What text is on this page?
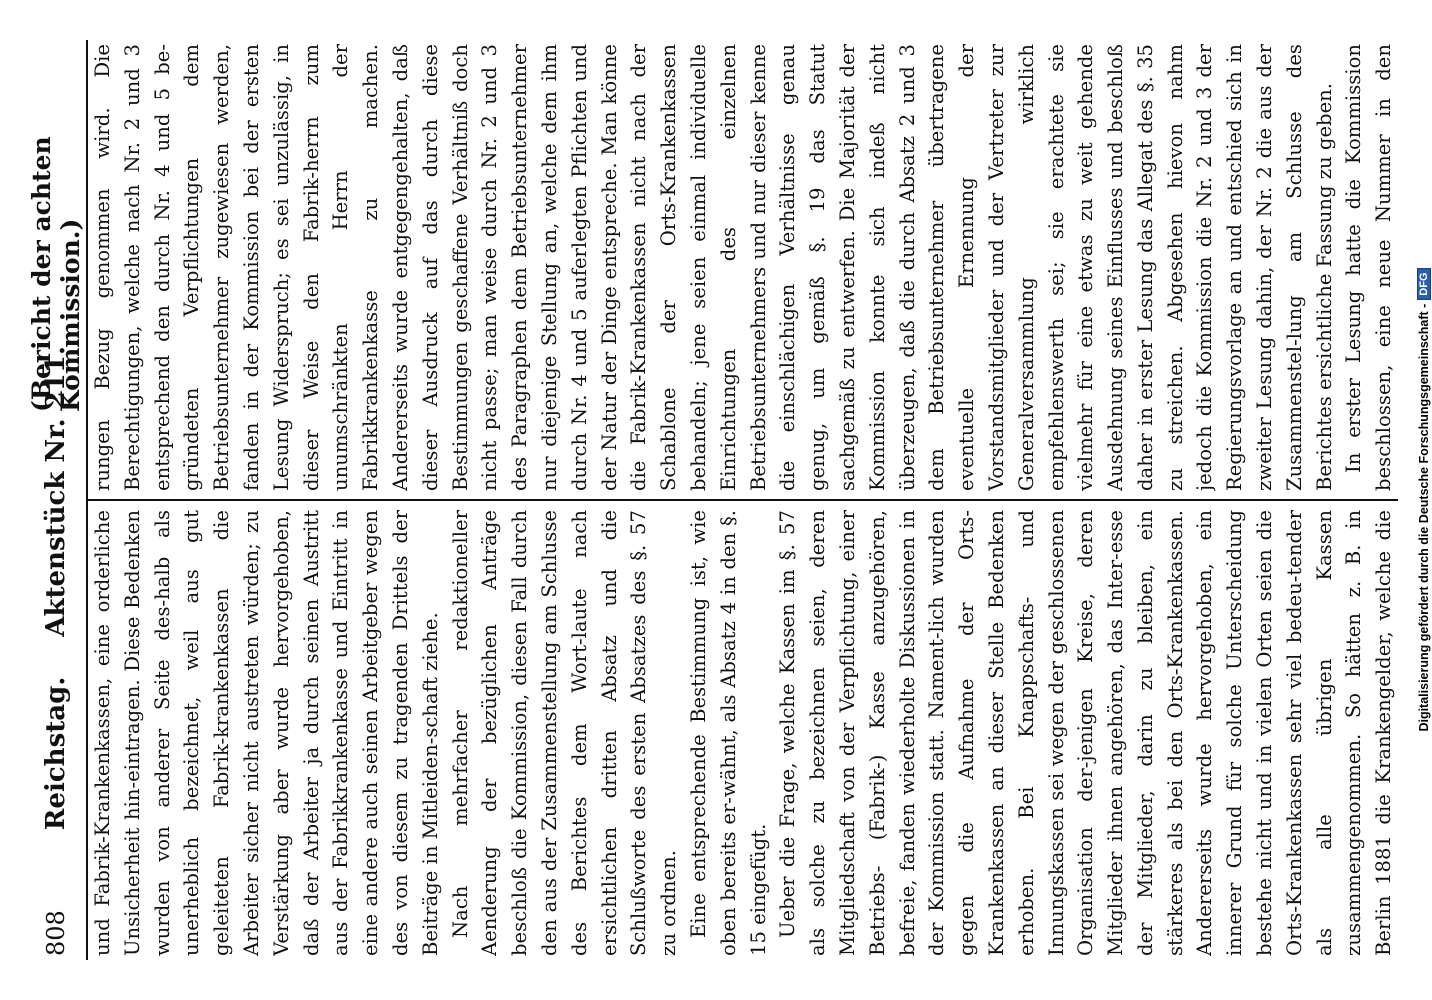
808
Reichstag.
Aktenstück Nr. 211.
(Bericht der achten Kommission.)

und Fabrik-Krankenkassen, eine orderliche Unsicherheit hin-eintragen. Diese Bedenken wurden von anderer Seite des-halb als unerheblich bezeichnet, weil aus gut geleiteten Fabrik-krankenkassen die Arbeiter sicher nicht austreten würden; zu Verstärkung aber wurde hervorgehoben, daß der Arbeiter ja durch seinen Austritt aus der Fabrikkrankenkasse und Eintritt in eine andere auch seinen Arbeitgeber wegen des von diesem zu tragenden Drittels der Beiträge in Mitleiden-schaft ziehe. Nach mehrfacher redaktioneller Aenderung der bezüglichen Anträge beschloß die Kommission, diesen Fall durch den aus der Zusammenstellung am Schlusse des Berichtes dem Wort-laute nach ersichtlichen dritten Absatz und die Schlußworte des ersten Absatzes des §. 57 zu ordnen. Eine entsprechende Bestimmung ist, wie oben bereits er-wähnt, als Absatz 4 in den §. 15 eingefügt. Ueber die Frage, welche Kassen im §. 57 als solche zu bezeichnen seien, deren Mitgliedschaft von der Verpflichtung, einer Betriebs- (Fabrik-) Kasse anzugehören, befreie, fanden wiederholte Diskussionen in der Kommission statt. Nament-lich wurden gegen die Aufnahme der Orts-Krankenkassen an dieser Stelle Bedenken erhoben. Bei Knappschafts- und Innungskassen sei wegen der geschlossenen Organisation der-jenigen Kreise, deren Mitglieder ihnen angehören, das Inter-esse der Mitglieder, darin zu bleiben, ein stärkeres als bei den Orts-Krankenkassen. Andererseits wurde hervorgehoben, ein innerer Grund für solche Unterscheidung bestehe nicht und in vielen Orten seien die Orts-Krankenkassen sehr viel bedeu-tender als alle übrigen Kassen zusammengenommen. So hätten z. B. in Berlin 1881 die Krankengelder, welche die

rungen Bezug genommen wird. Die Berechtigungen, welche nach Nr. 2 und 3 entsprechend den durch Nr. 4 und 5 be-gründeten Verpflichtungen dem Betriebsunternehmer zugewiesen werden, fanden in der Kommission bei der ersten Lesung Widerspruch; es sei unzulässig, in dieser Weise den Fabrik-herrn zum unumschränkten Herrn der Fabrikkrankenkasse zu machen. Andererseits wurde entgegengehalten, daß dieser Ausdruck auf das durch diese Bestimmungen geschaffene Verhältniß doch nicht passe; man weise durch Nr. 2 und 3 des Paragraphen dem Betriebsunternehmer nur diejenige Stellung an, welche dem ihm durch Nr. 4 und 5 auferlegten Pflichten und der Natur der Dinge entspreche. Man könne die Fabrik-Krankenkassen nicht nach der Schablone der Orts-Krankenkassen behandeln; jene seien einmal individuelle Einrichtungen des einzelnen Betriebsunternehmers und nur dieser kenne die einschlächigen Verhältnisse genau genug, um gemäß §. 19 das Statut sachgemäß zu entwerfen. Die Majorität der Kommission konnte sich indeß nicht überzeugen, daß die durch Absatz 2 und 3 dem Betriebsunternehmer übertragene eventuelle Ernennung der Vorstandsmitglieder und der Vertreter zur Generalversammlung wirklich empfehlenswerth sei; sie erachtete sie vielmehr für eine etwas zu weit gehende Ausdehnung seines Einflusses und beschloß daher in erster Lesung das Allegat des §. 35 zu streichen. Abgesehen hievon nahm jedoch die Kommission die Nr. 2 und 3 der Regierungsvorlage an und entschied sich in zweiter Lesung dahin, der Nr. 2 die aus der Zusammenstel-lung am Schlusse des Berichtes ersichtliche Fassung zu geben. In erster Lesung hatte die Kommission beschlossen, eine neue Nummer in den

Digitalisierung gefördert durch die Deutsche Forschungsgemeinschaft -
DFG
